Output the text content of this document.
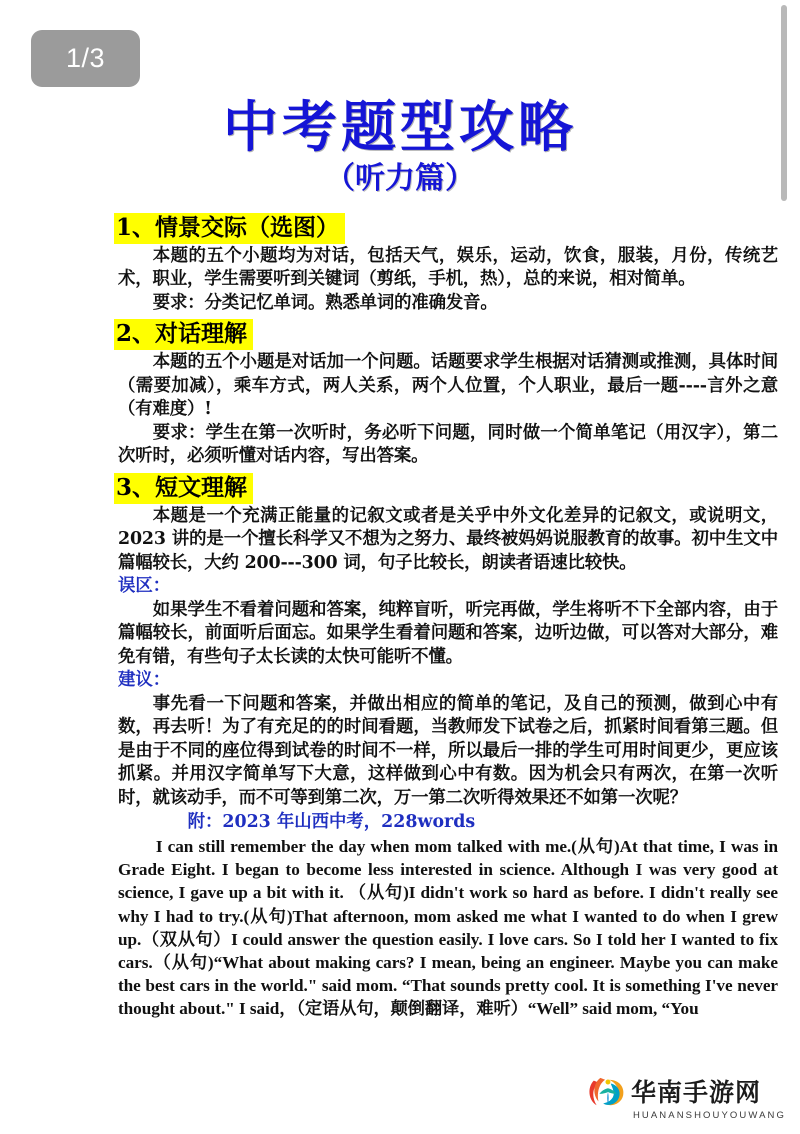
中考题型攻略
（听力篇）
1、情景交际（选图）

本题的五个小题均为对话，包括天气，娱乐，运动，饮食，服装，月份，传统艺术，职业，学生需要听到关键词（剪纸，手机，热），总的来说，相对简单。

要求：分类记忆单词。熟悉单词的准确发音。

2、对话理解

本题的五个小题是对话加一个问题。话题要求学生根据对话猜测或推测，具体时间（需要加减），乘车方式，两人关系，两个人位置，个人职业，最后一题----言外之意（有难度）!

要求：学生在第一次听时，务必听下问题，同时做一个简单笔记（用汉字），第二次听时，必须听懂对话内容，写出答案。

3、短文理解

本题是一个充满正能量的记叙文或者是关乎中外文化差异的记叙文，或说明文，2023 讲的是一个擅长科学又不想为之努力、最终被妈妈说服教育的故事。初中生文中篇幅较长，大约 200---300 词，句子比较长，朗读者语速比较快。

误区：

如果学生不看着问题和答案，纯粹盲听，听完再做，学生将听不下全部内容，由于篇幅较长，前面听后面忘。如果学生看着问题和答案，边听边做，可以答对大部分，难免有错，有些句子太长读的太快可能听不懂。

建议：

事先看一下问题和答案，并做出相应的简单的笔记，及自己的预测，做到心中有数，再去听！为了有充足的的时间看题，当教师发下试卷之后，抓紧时间看第三题。但是由于不同的座位得到试卷的时间不一样，所以最后一排的学生可用时间更少，更应该抓紧。并用汉字简单写下大意，这样做到心中有数。因为机会只有两次，在第一次听时，就该动手，而不可等到第二次，万一第二次听得效果还不如第一次呢？

附：2023 年山西中考，228words

I can still remember the day when mom talked with me.(从句)At that time, I was in Grade Eight. I began to become less interested in science. Although I was very good at science, I gave up a bit with it. （从句)I didn't work so hard as before. I didn't really see why I had to try.(从句)That afternoon, mom asked me what I wanted to do when I grew up.（双从句）I could answer the question easily. I love cars. So I told her I wanted to fix cars.（从句)“What about making cars? I mean, being an engineer. Maybe you can make the best cars in the world." said mom. “That sounds pretty cool. It is something I've never thought about." I said，（定语从句，颠倒翻译，难听）“Well” said mom, “You

华南手游网
HUANANSHOUYOUWANG
1/3
